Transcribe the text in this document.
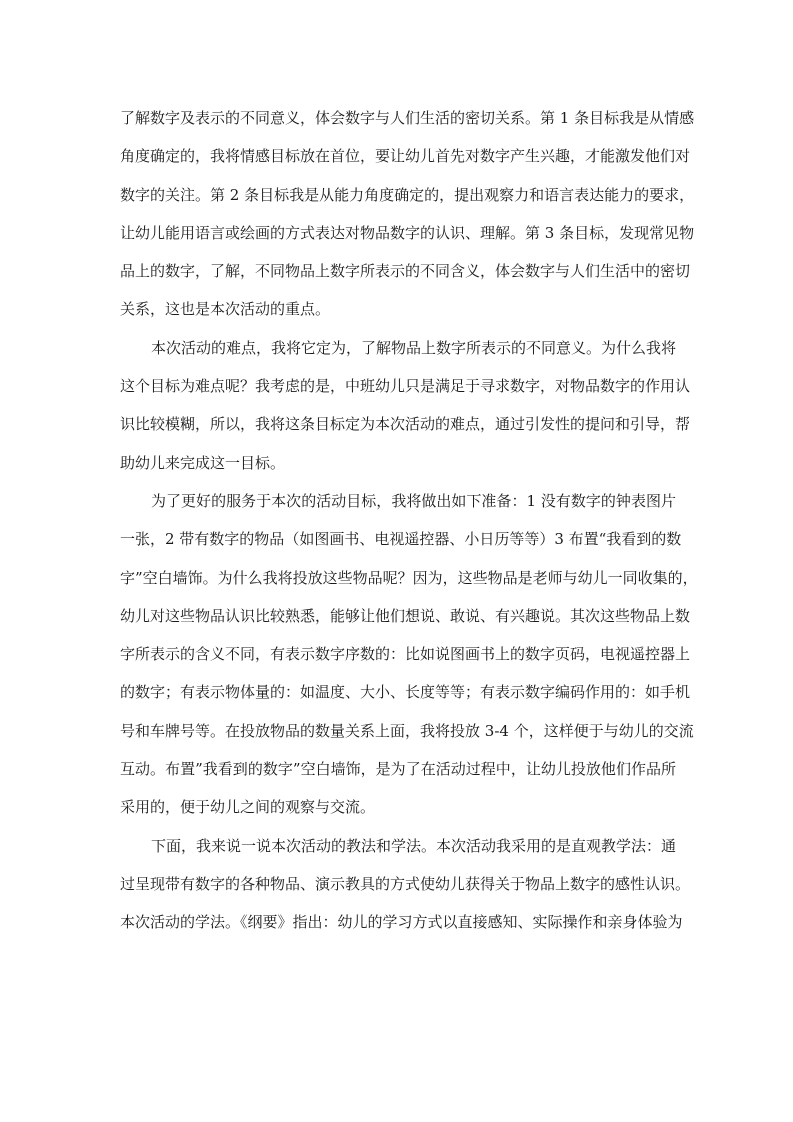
了解数字及表示的不同意义，体会数字与人们生活的密切关系。第 1 条目标我是从情感
角度确定的，我将情感目标放在首位，要让幼儿首先对数字产生兴趣，才能激发他们对
数字的关注。第 2 条目标我是从能力角度确定的，提出观察力和语言表达能力的要求，
让幼儿能用语言或绘画的方式表达对物品数字的认识、理解。第 3 条目标，发现常见物
品上的数字，了解，不同物品上数字所表示的不同含义，体会数字与人们生活中的密切
关系，这也是本次活动的重点。
本次活动的难点，我将它定为，了解物品上数字所表示的不同意义。为什么我将
这个目标为难点呢？我考虑的是，中班幼儿只是满足于寻求数字，对物品数字的作用认
识比较模糊，所以，我将这条目标定为本次活动的难点，通过引发性的提问和引导，帮
助幼儿来完成这一目标。
为了更好的服务于本次的活动目标，我将做出如下准备：1 没有数字的钟表图片
一张，2 带有数字的物品（如图画书、电视遥控器、小日历等等）3 布置“我看到的数
字”空白墙饰。为什么我将投放这些物品呢？因为，这些物品是老师与幼儿一同收集的，
幼儿对这些物品认识比较熟悉，能够让他们想说、敢说、有兴趣说。其次这些物品上数
字所表示的含义不同，有表示数字序数的：比如说图画书上的数字页码，电视遥控器上
的数字；有表示物体量的：如温度、大小、长度等等；有表示数字编码作用的：如手机
号和车牌号等。在投放物品的数量关系上面，我将投放 3-4 个，这样便于与幼儿的交流
互动。布置”我看到的数字”空白墙饰，是为了在活动过程中，让幼儿投放他们作品所
采用的，便于幼儿之间的观察与交流。
下面，我来说一说本次活动的教法和学法。本次活动我采用的是直观教学法：通
过呈现带有数字的各种物品、演示教具的方式使幼儿获得关于物品上数字的感性认识。
本次活动的学法。《纲要》指出：幼儿的学习方式以直接感知、实际操作和亲身体验为
